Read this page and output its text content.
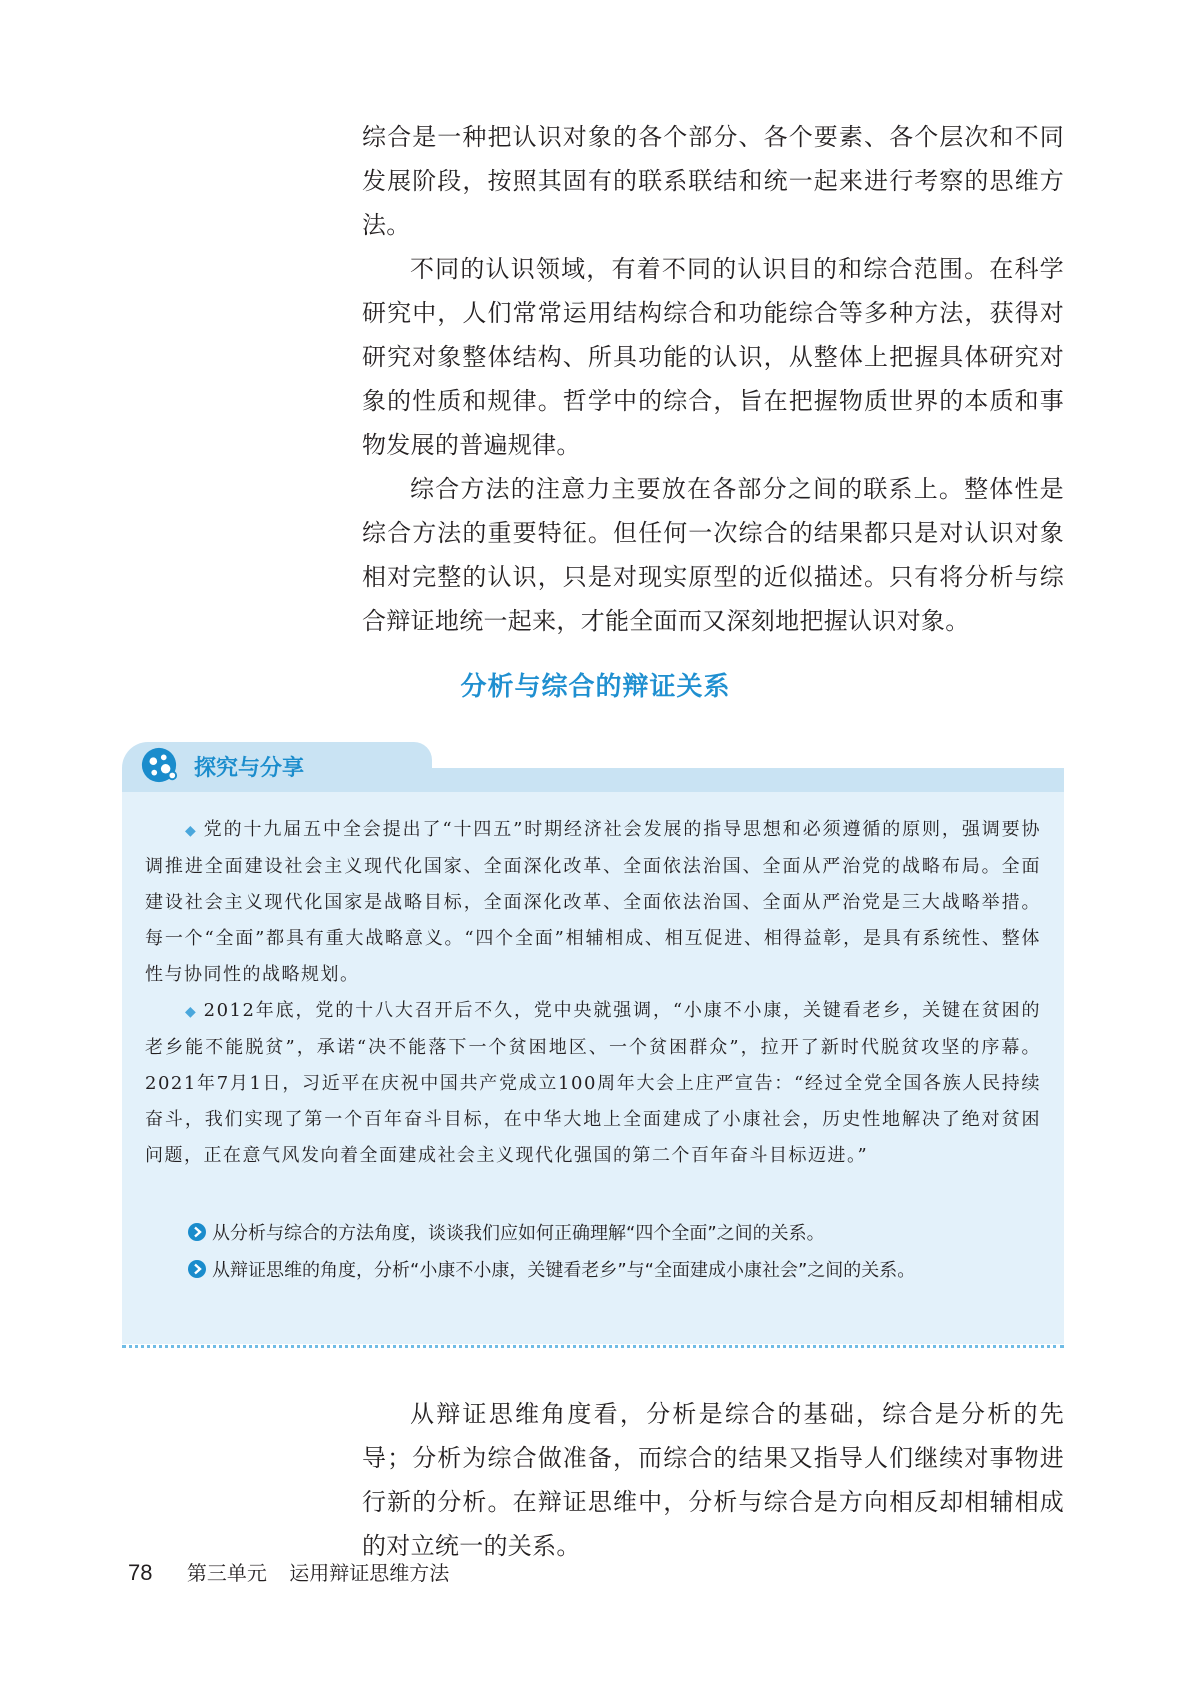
综合是一种把认识对象的各个部分、各个要素、各个层次和不同发展阶段，按照其固有的联系联结和统一起来进行考察的思维方法。

不同的认识领域，有着不同的认识目的和综合范围。在科学研究中，人们常常运用结构综合和功能综合等多种方法，获得对研究对象整体结构、所具功能的认识，从整体上把握具体研究对象的性质和规律。哲学中的综合，旨在把握物质世界的本质和事物发展的普遍规律。

综合方法的注意力主要放在各部分之间的联系上。整体性是综合方法的重要特征。但任何一次综合的结果都只是对认识对象相对完整的认识，只是对现实原型的近似描述。只有将分析与综合辩证地统一起来，才能全面而又深刻地把握认识对象。

分析与综合的辩证关系
探究与分享

◆ 党的十九届五中全会提出了“十四五”时期经济社会发展的指导思想和必须遵循的原则，强调要协调推进全面建设社会主义现代化国家、全面深化改革、全面依法治国、全面从严治党的战略布局。全面建设社会主义现代化国家是战略目标，全面深化改革、全面依法治国、全面从严治党是三大战略举措。每一个“全面”都具有重大战略意义。“四个全面”相辅相成、相互促进、相得益彰，是具有系统性、整体性与协同性的战略规划。

◆ 2012年底，党的十八大召开后不久，党中央就强调，“小康不小康，关键看老乡，关键在贫困的老乡能不能脱贫”，承诺“决不能落下一个贫困地区、一个贫困群众”，拉开了新时代脱贫攻坚的序幕。2021年7月1日，习近平在庆祝中国共产党成立100周年大会上庄严宣告：“经过全党全国各族人民持续奋斗，我们实现了第一个百年奋斗目标，在中华大地上全面建成了小康社会，历史性地解决了绝对贫困问题，正在意气风发向着全面建成社会主义现代化强国的第二个百年奋斗目标迈进。”

从分析与综合的方法角度，谈谈我们应如何正确理解“四个全面”之间的关系。
从辩证思维的角度，分析“小康不小康，关键看老乡”与“全面建成小康社会”之间的关系。

从辩证思维角度看，分析是综合的基础，综合是分析的先导；分析为综合做准备，而综合的结果又指导人们继续对事物进行新的分析。在辩证思维中，分析与综合是方向相反却相辅相成的对立统一的关系。

78 第三单元 运用辩证思维方法
